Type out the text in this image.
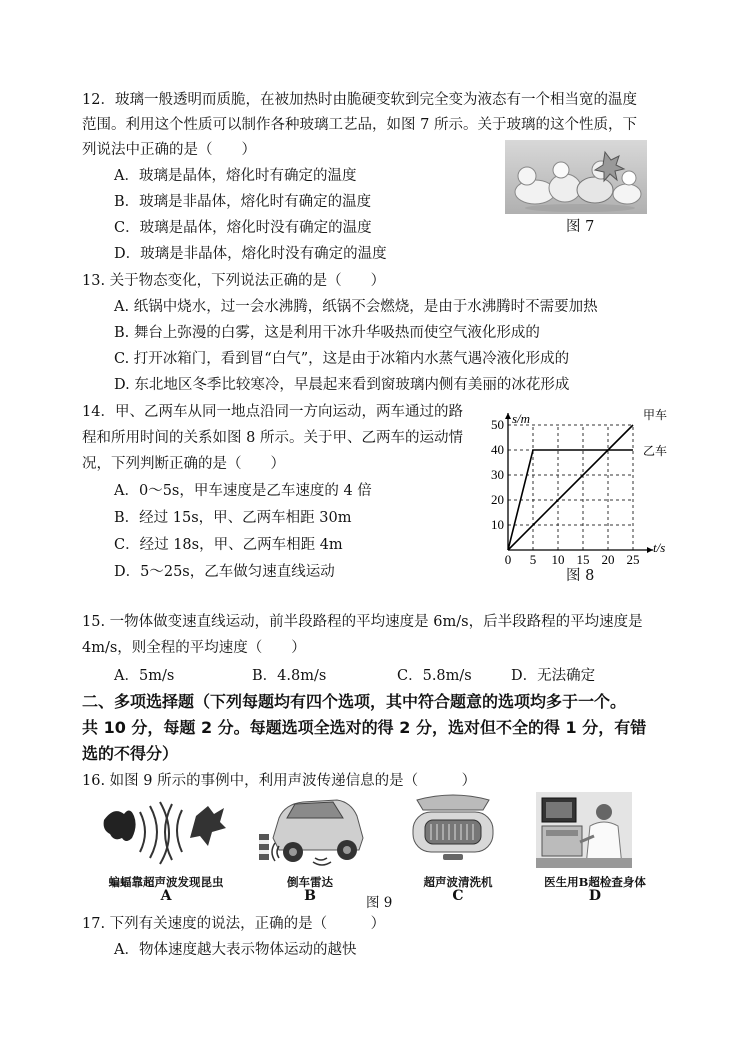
12．玻璃一般透明而质脆，在被加热时由脆硬变软到完全变为液态有一个相当宽的温度
范围。利用这个性质可以制作各种玻璃工艺品，如图 7 所示。关于玻璃的这个性质，下
列说法中正确的是（　　）
A．玻璃是晶体，熔化时有确定的温度
B．玻璃是非晶体，熔化时有确定的温度
C．玻璃是晶体，熔化时没有确定的温度
D．玻璃是非晶体，熔化时没有确定的温度
图 7
13. 关于物态变化，下列说法正确的是（　　）
A. 纸锅中烧水，过一会水沸腾，纸锅不会燃烧，是由于水沸腾时不需要加热
B. 舞台上弥漫的白雾，这是利用干冰升华吸热而使空气液化形成的
C. 打开冰箱门，看到冒“白气”，这是由于冰箱内水蒸气遇冷液化形成的
D. 东北地区冬季比较寒冷，早晨起来看到窗玻璃内侧有美丽的冰花形成
14．甲、乙两车从同一地点沿同一方向运动，两车通过的路
程和所用时间的关系如图 8 所示。关于甲、乙两车的运动情
况，下列判断正确的是（　　）
A．0～5s，甲车速度是乙车速度的 4 倍
B．经过 15s，甲、乙两车相距 30m
C．经过 18s，甲、乙两车相距 4m
D．5～25s，乙车做匀速直线运动
0 5 10 15 20 25
10
20
30
40
50 s/m
t/s
甲车
乙车
图 8
15. 一物体做变速直线运动，前半段路程的平均速度是 6m/s，后半段路程的平均速度是
4m/s，则全程的平均速度（　　）
A．5m/s	B．4.8m/s	C．5.8m/s	D．无法确定
二、多项选择题（下列每题均有四个选项，其中符合题意的选项均多于一个。
共 10 分，每题 2 分。每题选项全选对的得 2 分，选对但不全的得 1 分，有错
选的不得分）
16. 如图 9 所示的事例中，利用声波传递信息的是（　　　）
蝙蝠靠超声波发现昆虫
A
倒车雷达
B
超声波清洗机
C
医生用B超检查身体
D
图 9
17. 下列有关速度的说法，正确的是（　　　）
A．物体速度越大表示物体运动的越快
